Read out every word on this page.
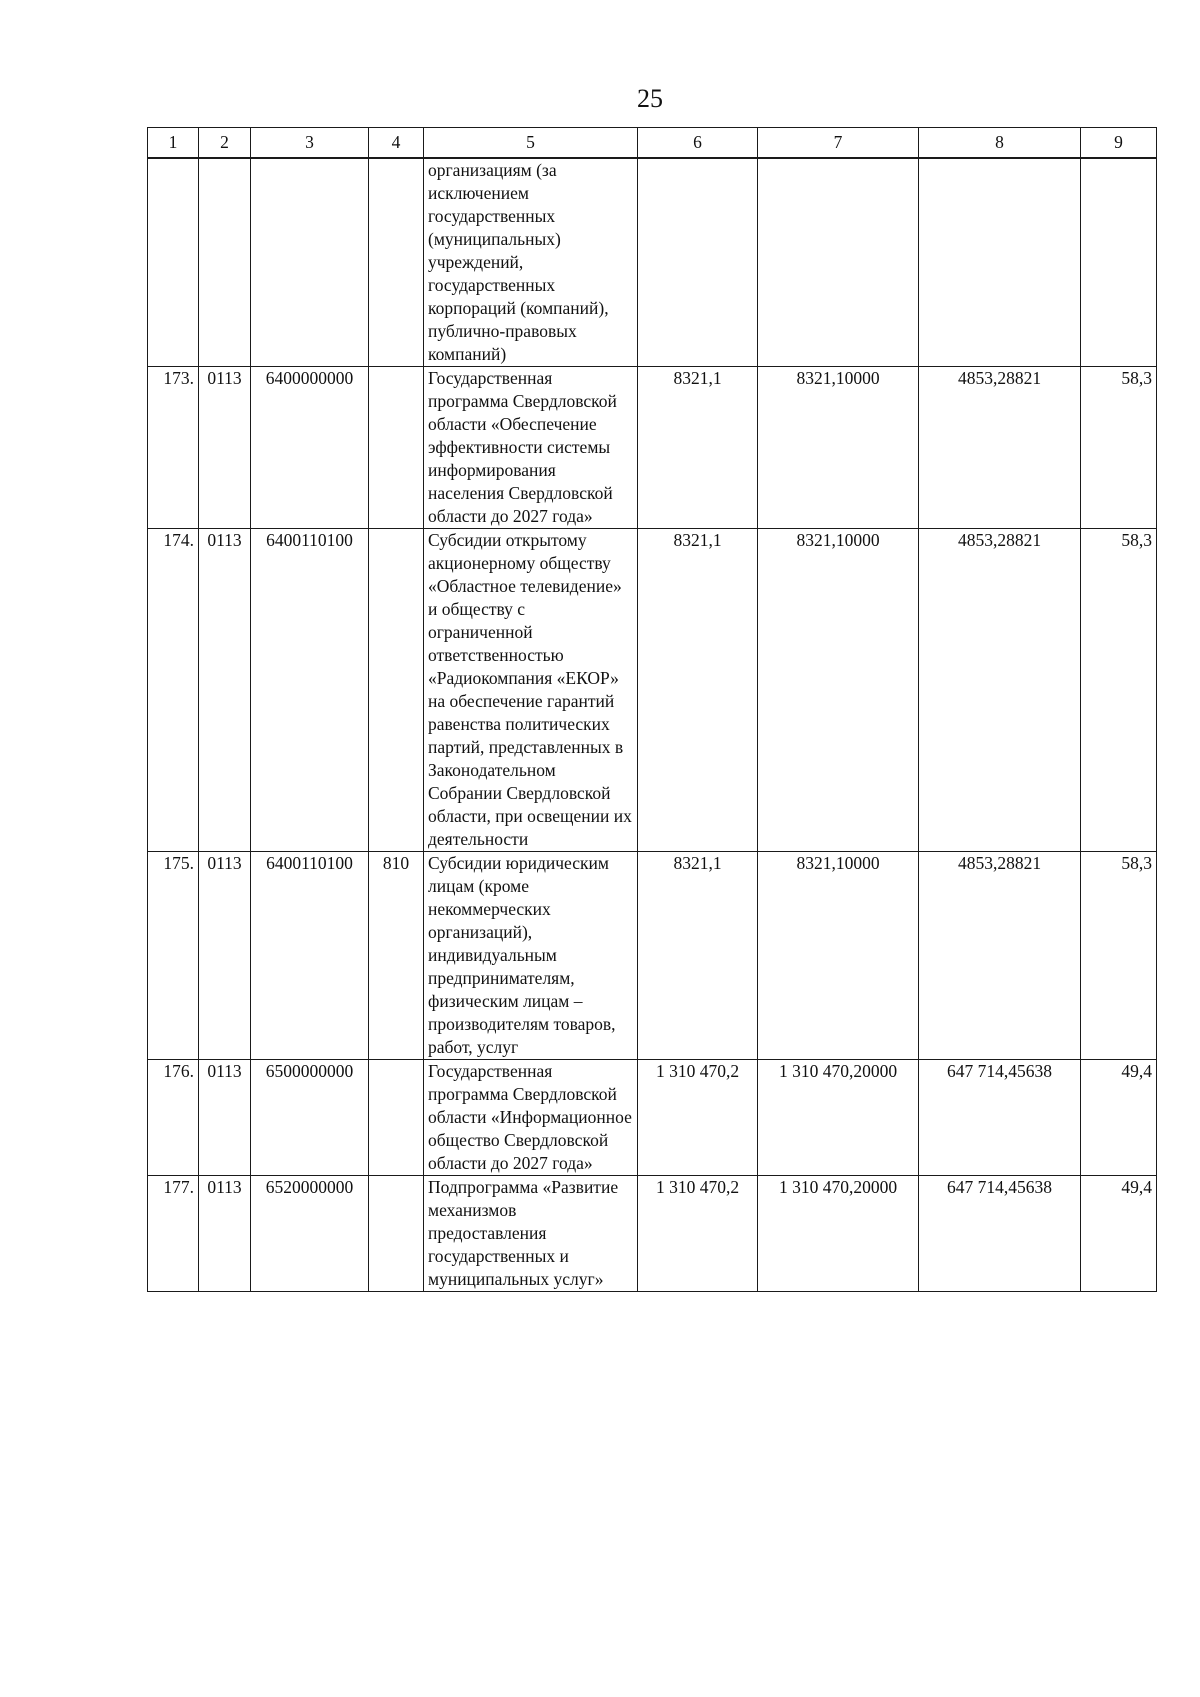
25
1	2	3	4	5	6	7	8	9
				организациям (за исключением государственных (муниципальных) учреждений, государственных корпораций (компаний), публично-правовых компаний)				
173.	0113	6400000000		Государственная программа Свердловской области «Обеспечение эффективности системы информирования населения Свердловской области до 2027 года»	8321,1	8321,10000	4853,28821	58,3
174.	0113	6400110100		Субсидии открытому акционерному обществу «Областное телевидение» и обществу с ограниченной ответственностью «Радиокомпания «ЕКОР» на обеспечение гарантий равенства политических партий, представленных в Законодательном Собрании Свердловской области, при освещении их деятельности	8321,1	8321,10000	4853,28821	58,3
175.	0113	6400110100	810	Субсидии юридическим лицам (кроме некоммерческих организаций), индивидуальным предпринимателям, физическим лицам – производителям товаров, работ, услуг	8321,1	8321,10000	4853,28821	58,3
176.	0113	6500000000		Государственная программа Свердловской области «Информационное общество Свердловской области до 2027 года»	1 310 470,2	1 310 470,20000	647 714,45638	49,4
177.	0113	6520000000		Подпрограмма «Развитие механизмов предоставления государственных и муниципальных услуг»	1 310 470,2	1 310 470,20000	647 714,45638	49,4
